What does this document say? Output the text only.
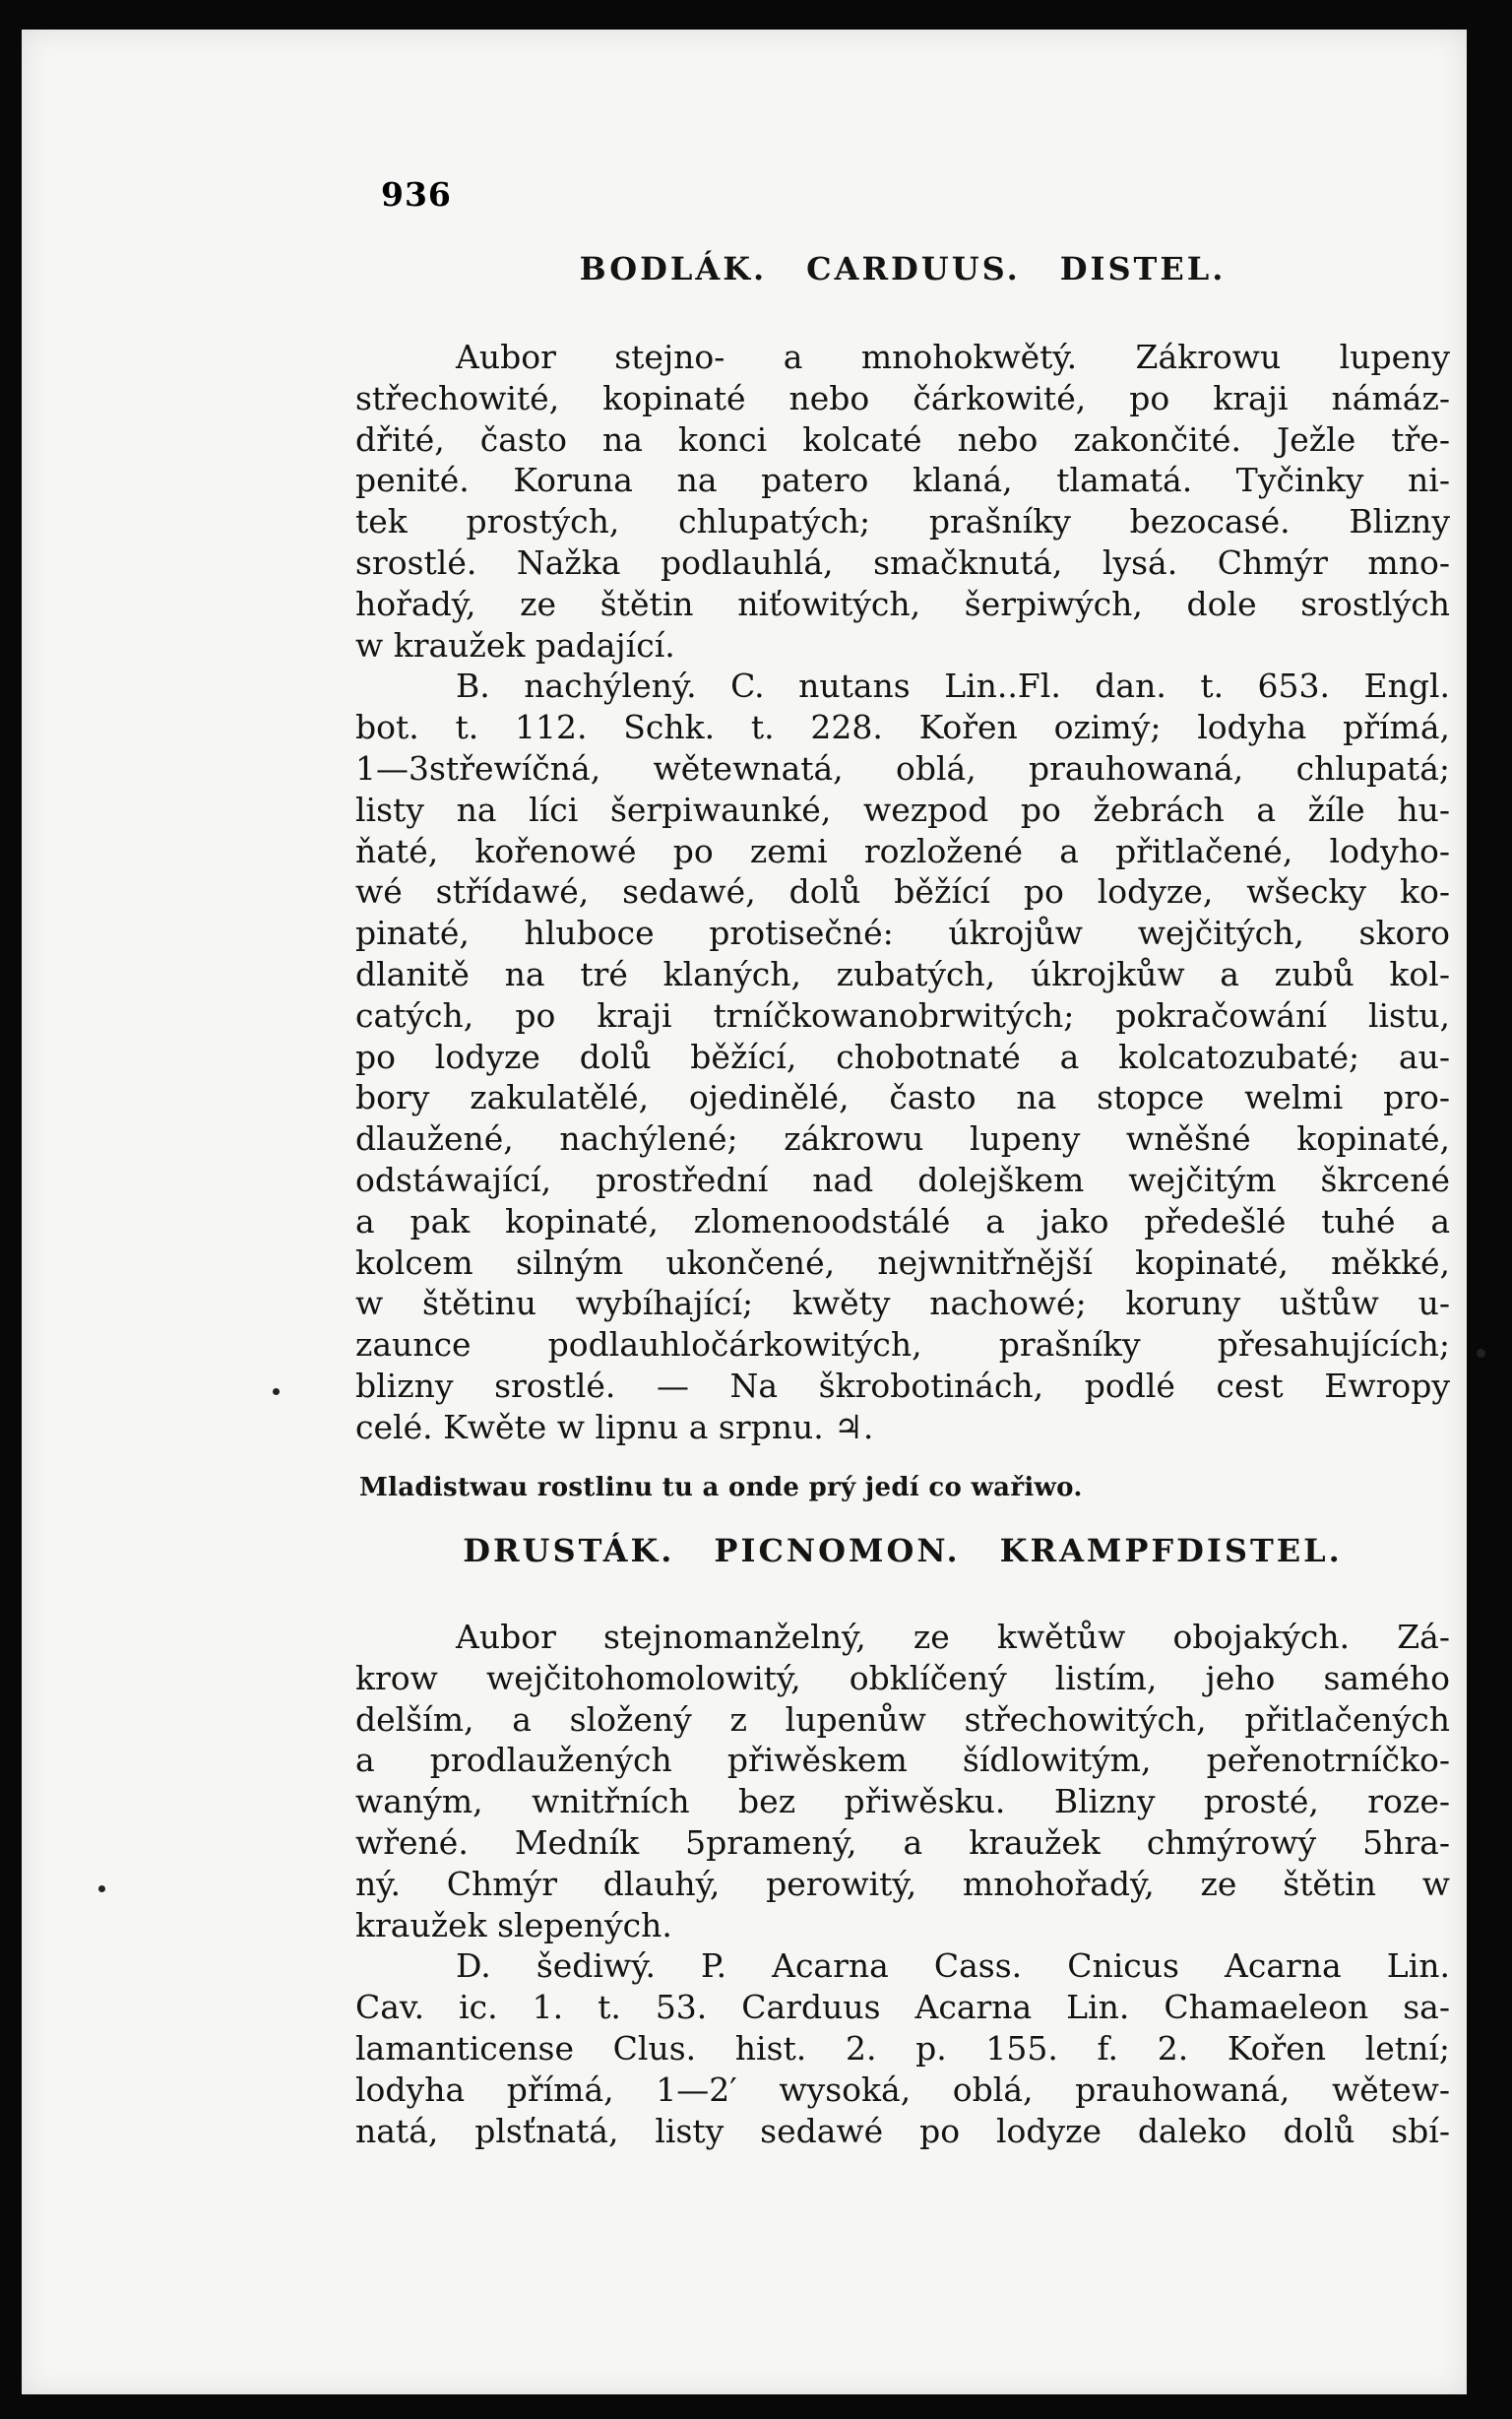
936
BODLÁK. CARDUUS. DISTEL.
Aubor stejno- a mnohokwětý. Zákrowu lupeny
střechowité, kopinaté nebo čárkowité, po kraji námáz-
dřité, často na konci kolcaté nebo zakončité. Ježle tře-
penité. Koruna na patero klaná, tlamatá. Tyčinky ni-
tek prostých, chlupatých; prašníky bezocasé. Blizny
srostlé. Nažka podlauhlá, smačknutá, lysá. Chmýr mno-
hořadý, ze štětin niťowitých, šerpiwých, dole srostlých
w kraužek padající.
B. nachýlený. C. nutans Lin..Fl. dan. t. 653. Engl.
bot. t. 112. Schk. t. 228. Kořen ozimý; lodyha přímá,
1—3střewíčná, wětewnatá, oblá, prauhowaná, chlupatá;
listy na líci šerpiwaunké, wezpod po žebrách a žíle hu-
ňaté, kořenowé po zemi rozložené a přitlačené, lodyho-
wé střídawé, sedawé, dolů běžící po lodyze, wšecky ko-
pinaté, hluboce protisečné: úkrojůw wejčitých, skoro
dlanitě na tré klaných, zubatých, úkrojkůw a zubů kol-
catých, po kraji trníčkowanobrwitých; pokračowání listu,
po lodyze dolů běžící, chobotnaté a kolcatozubaté; au-
bory zakulatělé, ojedinělé, často na stopce welmi pro-
dlaužené, nachýlené; zákrowu lupeny wněšné kopinaté,
odstáwající, prostřední nad dolejškem wejčitým škrcené
a pak kopinaté, zlomenoodstálé a jako předešlé tuhé a
kolcem silným ukončené, nejwnitřnější kopinaté, měkké,
w štětinu wybíhající; kwěty nachowé; koruny uštůw u-
zaunce podlauhločárkowitých, prašníky přesahujících;
blizny srostlé. — Na škrobotinách, podlé cest Ewropy
celé. Kwěte w lipnu a srpnu. ♃.
Mladistwau rostlinu tu a onde prý jedí co wařiwo.
DRUSTÁK. PICNOMON. KRAMPFDISTEL.
Aubor stejnomanželný, ze kwětůw obojakých. Zá-
krow wejčitohomolowitý, obklíčený listím, jeho samého
delším, a složený z lupenůw střechowitých, přitlačených
a prodlaužených přiwěskem šídlowitým, peřenotrníčko-
waným, wnitřních bez přiwěsku. Blizny prosté, roze-
wřené. Medník 5pramený, a kraužek chmýrowý 5hra-
ný. Chmýr dlauhý, perowitý, mnohořadý, ze štětin w
kraužek slepených.
D. šediwý. P. Acarna Cass. Cnicus Acarna Lin.
Cav. ic. 1. t. 53. Carduus Acarna Lin. Chamaeleon sa-
lamanticense Clus. hist. 2. p. 155. f. 2. Kořen letní;
lodyha přímá, 1—2′ wysoká, oblá, prauhowaná, wětew-
natá, plsťnatá, listy sedawé po lodyze daleko dolů sbí-
